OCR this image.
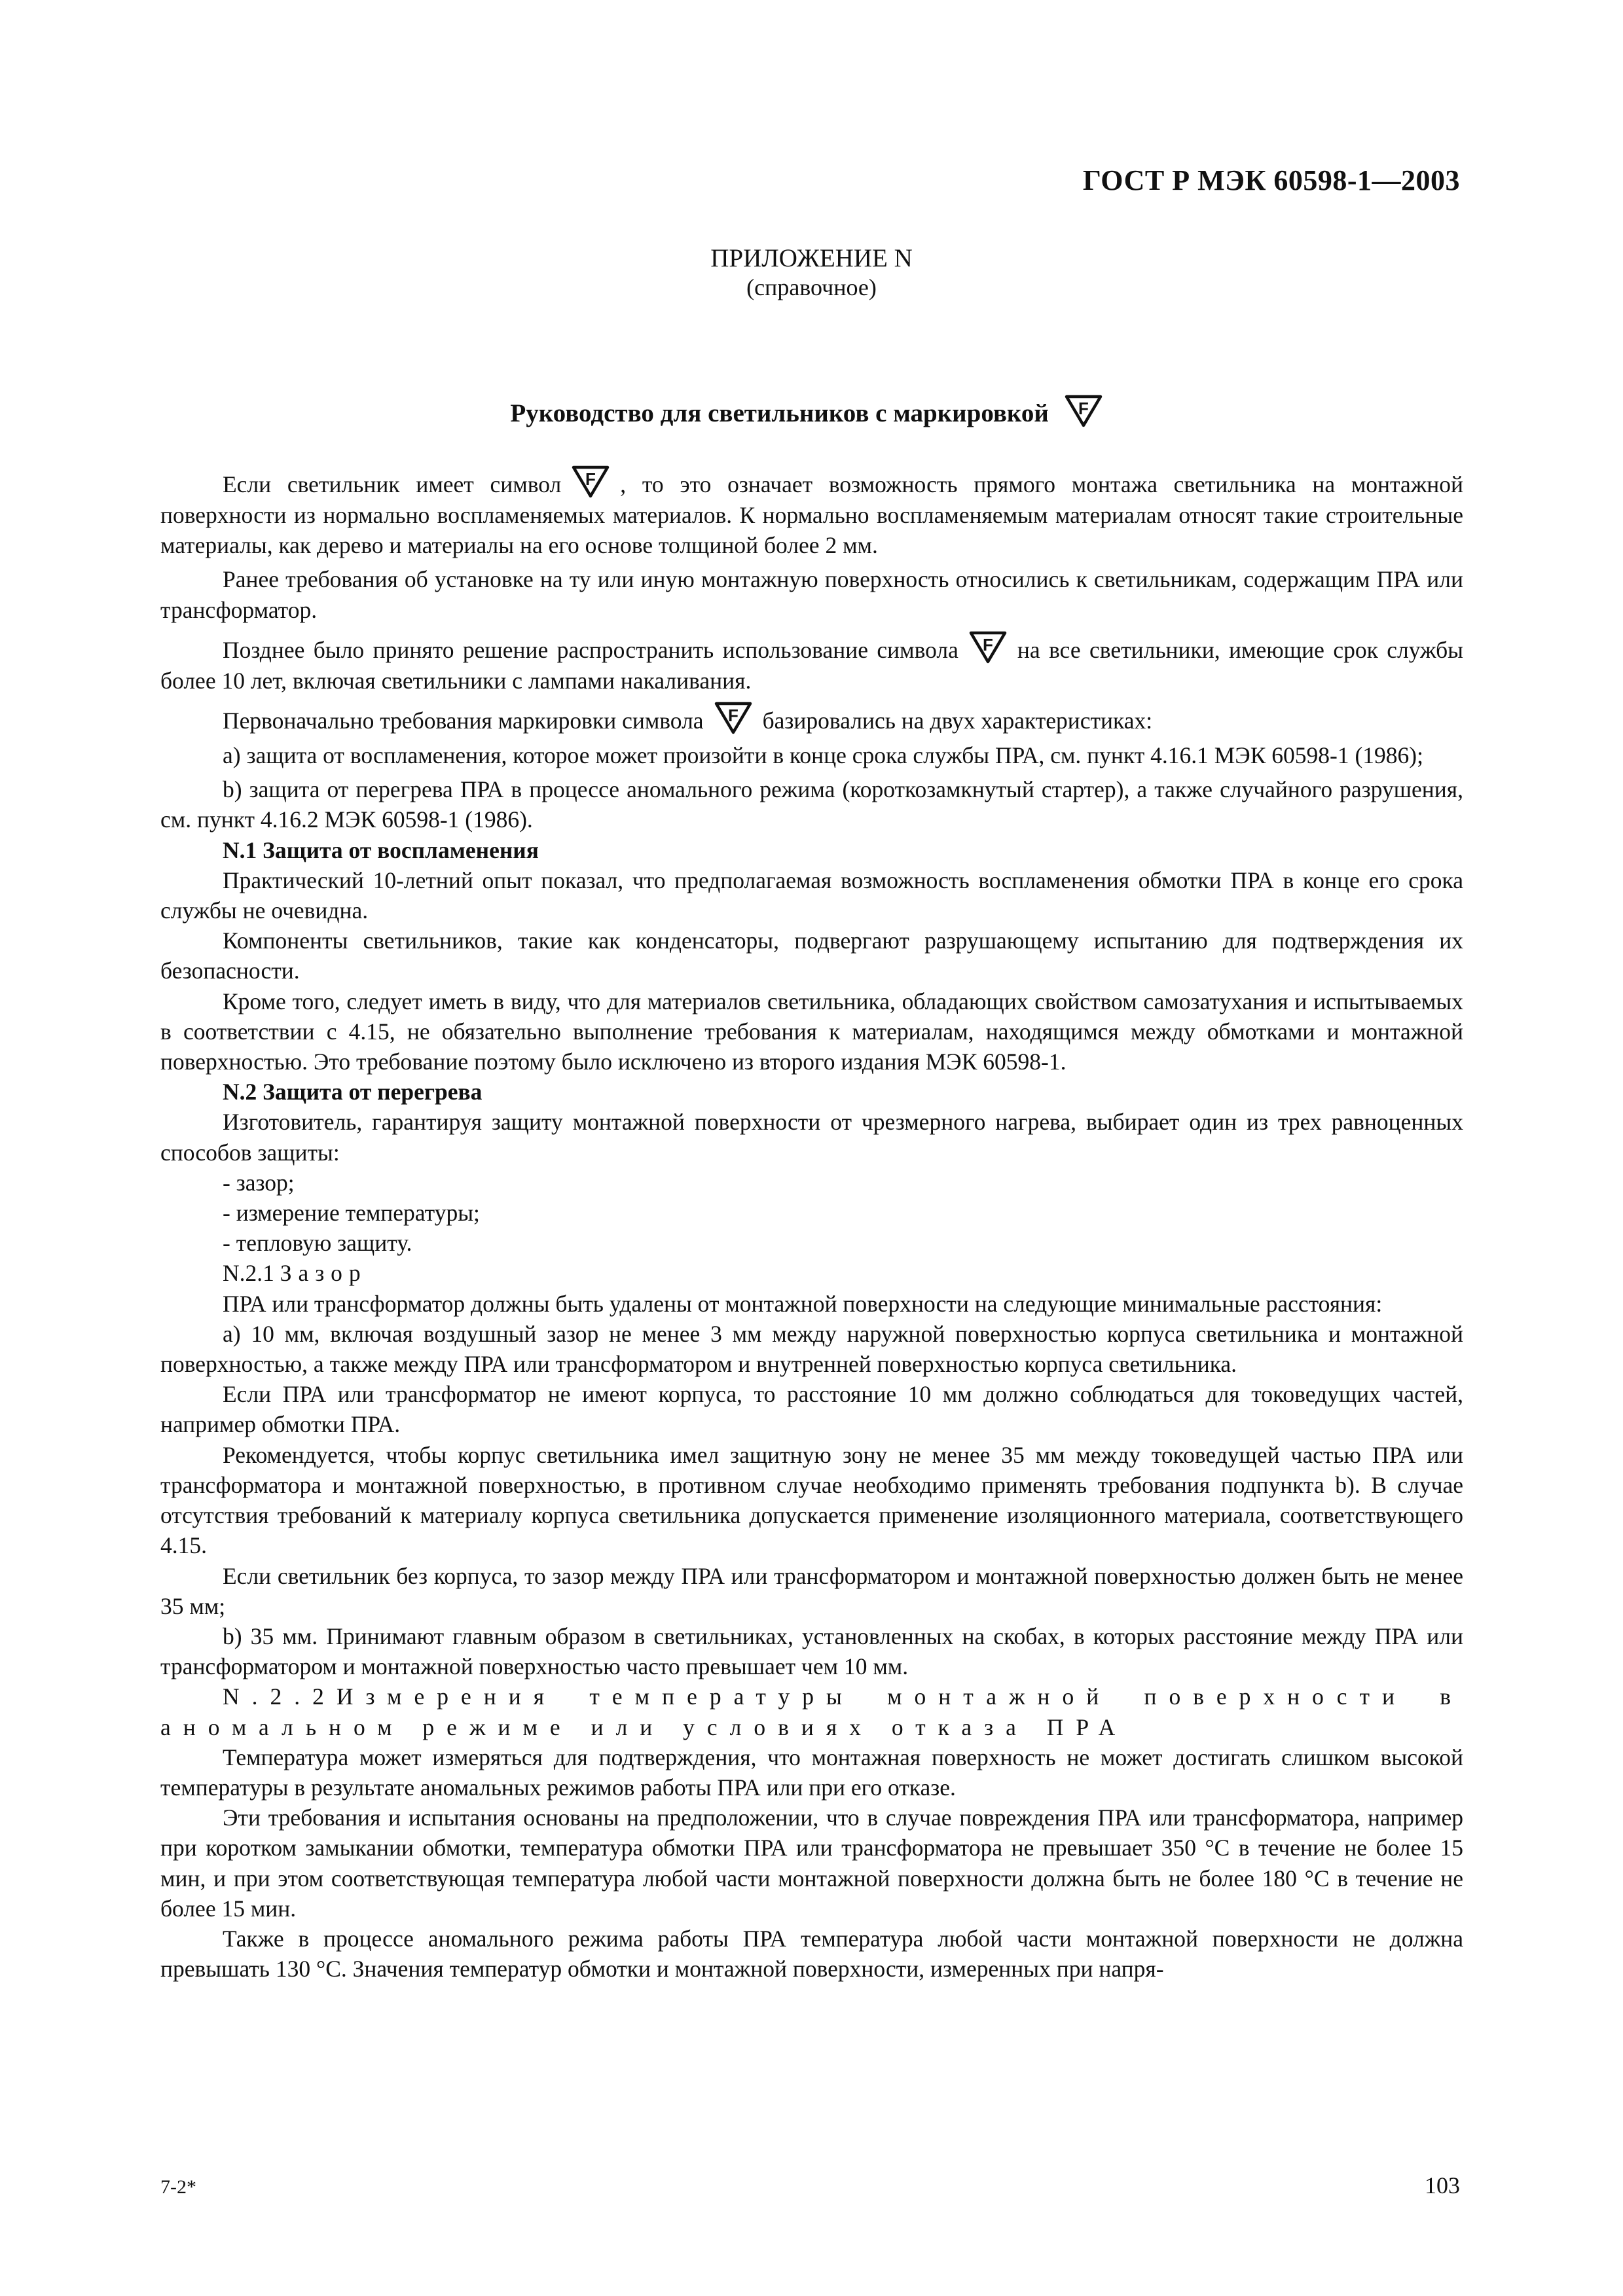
ГОСТ Р МЭК 60598-1—2003
ПРИЛОЖЕНИЕ N
(справочное)
Руководство для светильников с маркировкой F

Если светильник имеет символ F , то это означает возможность прямого монтажа светильника на монтажной поверхности из нормально воспламеняемых материалов. К нормально воспламеняемым материалам относят такие строительные материалы, как дерево и материалы на его основе толщиной более 2 мм.

Ранее требования об установке на ту или иную монтажную поверхность относились к светильникам, содержащим ПРА или трансформатор.

Позднее было принято решение распространить использование символа F на все светильники, имеющие срок службы более 10 лет, включая светильники с лампами накаливания.

Первоначально требования маркировки символа F базировались на двух характеристиках:

а) защита от воспламенения, которое может произойти в конце срока службы ПРА, см. пункт 4.16.1 МЭК 60598-1 (1986);

b) защита от перегрева ПРА в процессе аномального режима (короткозамкнутый стартер), а также случайного разрушения, см. пункт 4.16.2 МЭК 60598-1 (1986).

N.1 Защита от воспламенения

Практический 10-летний опыт показал, что предполагаемая возможность воспламенения обмотки ПРА в конце его срока службы не очевидна.

Компоненты светильников, такие как конденсаторы, подвергают разрушающему испытанию для подтверждения их безопасности.

Кроме того, следует иметь в виду, что для материалов светильника, обладающих свойством самозатухания и испытываемых в соответствии с 4.15, не обязательно выполнение требования к материалам, находящимся между обмотками и монтажной поверхностью. Это требование поэтому было исключено из второго издания МЭК 60598-1.

N.2 Защита от перегрева

Изготовитель, гарантируя защиту монтажной поверхности от чрезмерного нагрева, выбирает один из трех равноценных способов защиты:

- зазор;

- измерение температуры;

- тепловую защиту.

N.2.1 Зазор

ПРА или трансформатор должны быть удалены от монтажной поверхности на следующие минимальные расстояния:

а) 10 мм, включая воздушный зазор не менее 3 мм между наружной поверхностью корпуса светильника и монтажной поверхностью, а также между ПРА или трансформатором и внутренней поверхностью корпуса светильника.

Если ПРА или трансформатор не имеют корпуса, то расстояние 10 мм должно соблюдаться для токоведущих частей, например обмотки ПРА.

Рекомендуется, чтобы корпус светильника имел защитную зону не менее 35 мм между токоведущей частью ПРА или трансформатора и монтажной поверхностью, в противном случае необходимо применять требования подпункта b). В случае отсутствия требований к материалу корпуса светильника допускается применение изоляционного материала, соответствующего 4.15.

Если светильник без корпуса, то зазор между ПРА или трансформатором и монтажной поверхностью должен быть не менее 35 мм;

b) 35 мм. Принимают главным образом в светильниках, установленных на скобах, в которых расстояние между ПРА или трансформатором и монтажной поверхностью часто превышает чем 10 мм.

N.2.2Измерения температуры монтажной поверхности в аномальном режиме или условиях отказа ПРА

Температура может измеряться для подтверждения, что монтажная поверхность не может достигать слишком высокой температуры в результате аномальных режимов работы ПРА или при его отказе.

Эти требования и испытания основаны на предположении, что в случае повреждения ПРА или трансформатора, например при коротком замыкании обмотки, температура обмотки ПРА или трансформатора не превышает 350 °С в течение не более 15 мин, и при этом соответствующая температура любой части монтажной поверхности должна быть не более 180 °С в течение не более 15 мин.

Также в процессе аномального режима работы ПРА температура любой части монтажной поверхности не должна превышать 130 °С. Значения температур обмотки и монтажной поверхности, измеренных при напря-

7-2*	103
